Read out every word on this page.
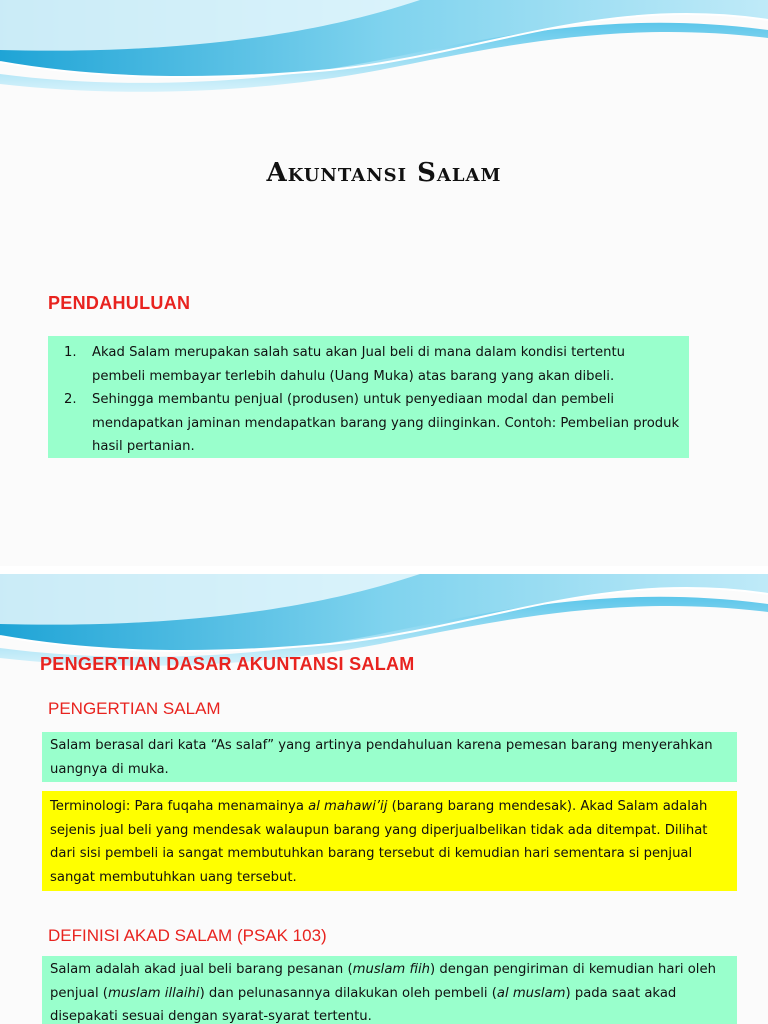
Akuntansi Salam
PENDAHULUAN
1. Akad Salam merupakan salah satu akan Jual beli di mana dalam kondisi tertentu pembeli membayar terlebih dahulu (Uang Muka) atas barang yang akan dibeli.
2. Sehingga membantu penjual (produsen) untuk penyediaan modal dan pembeli mendapatkan jaminan mendapatkan barang yang diinginkan. Contoh: Pembelian produk hasil pertanian.
PENGERTIAN DASAR AKUNTANSI SALAM
PENGERTIAN SALAM
Salam berasal dari kata “As salaf” yang artinya pendahuluan karena pemesan barang menyerahkan uangnya di muka.
Terminologi: Para fuqaha menamainya al mahawi’ij (barang barang mendesak). Akad Salam adalah sejenis jual beli yang mendesak walaupun barang yang diperjualbelikan tidak ada ditempat. Dilihat dari sisi pembeli ia sangat membutuhkan barang tersebut di kemudian hari sementara si penjual sangat membutuhkan uang tersebut.
DEFINISI AKAD SALAM (PSAK 103)
Salam adalah akad jual beli barang pesanan (muslam fiih) dengan pengiriman di kemudian hari oleh penjual (muslam illaihi) dan pelunasannya dilakukan oleh pembeli (al muslam) pada saat akad disepakati sesuai dengan syarat-syarat tertentu.
